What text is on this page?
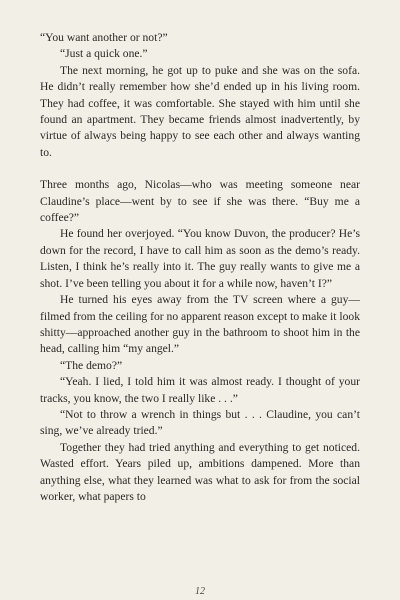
“You want another or not?”

“Just a quick one.”

The next morning, he got up to puke and she was on the sofa. He didn’t really remember how she’d ended up in his living room. They had coffee, it was comfortable. She stayed with him until she found an apartment. They became friends almost inadvertently, by virtue of always being happy to see each other and always wanting to.

Three months ago, Nicolas—who was meeting someone near Claudine’s place—went by to see if she was there. “Buy me a coffee?”

He found her overjoyed. “You know Duvon, the producer? He’s down for the record, I have to call him as soon as the demo’s ready. Listen, I think he’s really into it. The guy really wants to give me a shot. I’ve been telling you about it for a while now, haven’t I?”

He turned his eyes away from the TV screen where a guy—filmed from the ceiling for no apparent reason except to make it look shitty—approached another guy in the bathroom to shoot him in the head, calling him “my angel.”

“The demo?”

“Yeah. I lied, I told him it was almost ready. I thought of your tracks, you know, the two I really like . . .”

“Not to throw a wrench in things but . . . Claudine, you can’t sing, we’ve already tried.”

Together they had tried anything and everything to get noticed. Wasted effort. Years piled up, ambitions dampened. More than anything else, what they learned was what to ask for from the social worker, what papers to

12
